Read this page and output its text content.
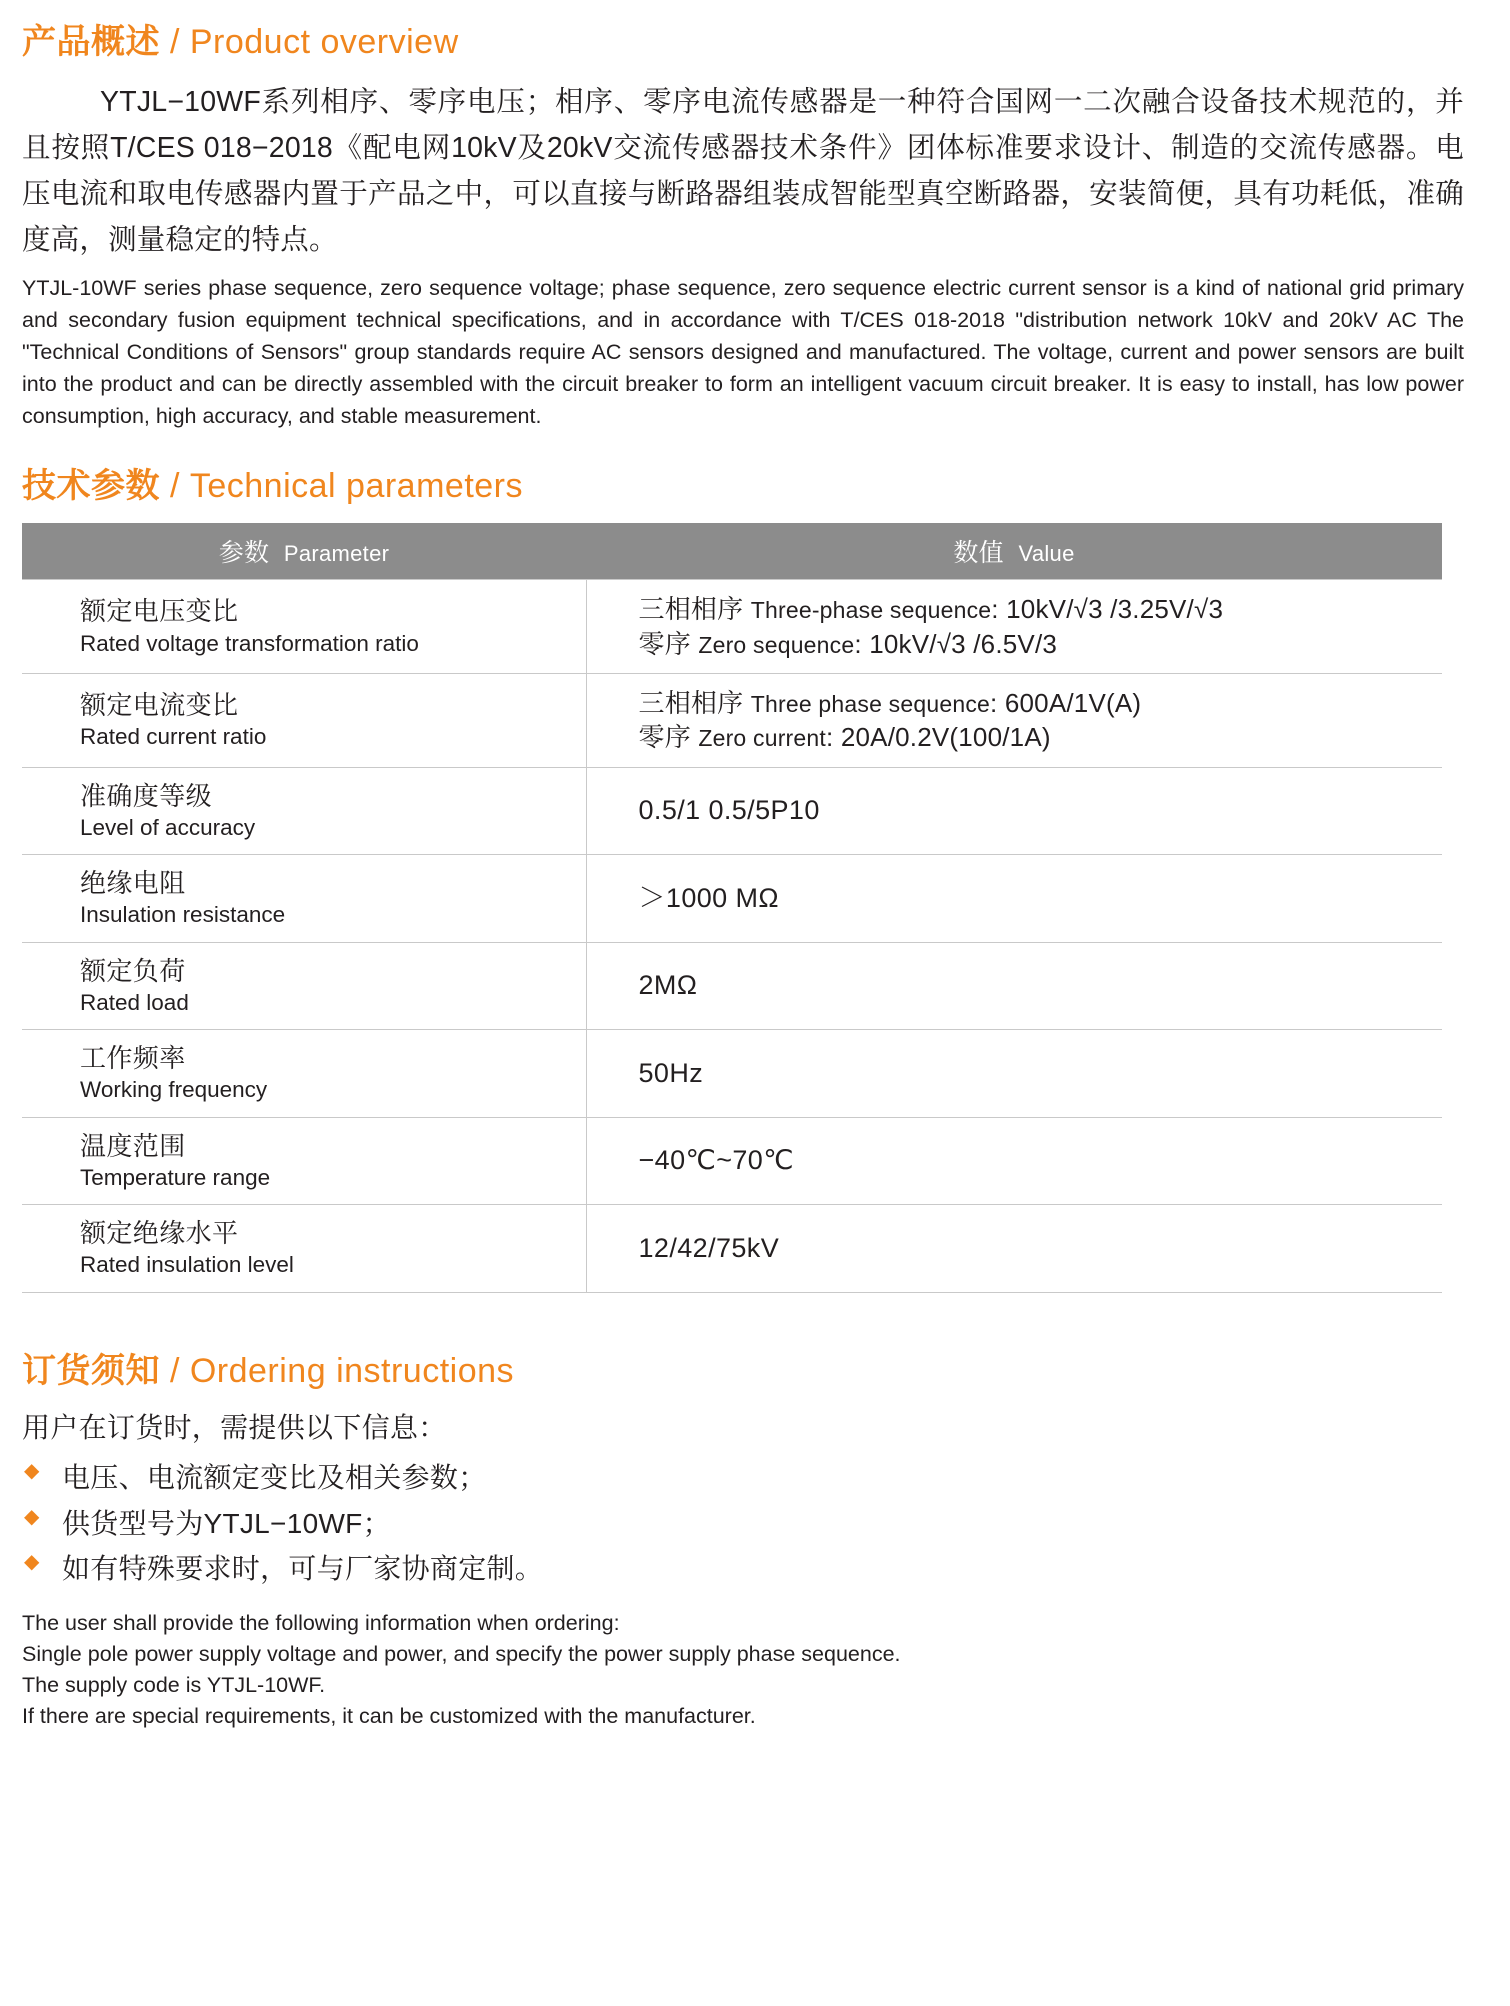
产品概述 / Product overview

YTJL−10WF系列相序、零序电压；相序、零序电流传感器是一种符合国网一二次融合设备技术规范的，并且按照T/CES 018−2018《配电网10kV及20kV交流传感器技术条件》团体标准要求设计、制造的交流传感器。电压电流和取电传感器内置于产品之中，可以直接与断路器组装成智能型真空断路器，安装简便，具有功耗低，准确度高，测量稳定的特点。

YTJL-10WF series phase sequence, zero sequence voltage; phase sequence, zero sequence electric current sensor is a kind of national grid primary and secondary fusion equipment technical specifications, and in accordance with T/CES 018-2018 "distribution network 10kV and 20kV AC The "Technical Conditions of Sensors" group standards require AC sensors designed and manufactured. The voltage, current and power sensors are built into the product and can be directly assembled with the circuit breaker to form an intelligent vacuum circuit breaker. It is easy to install, has low power consumption, high accuracy, and stable measurement.

技术参数 / Technical parameters
参数 Parameter	数值 Value

额定电压变比
Rated voltage transformation ratio	三相相序 Three-phase sequence: 10kV/√3 /3.25V/√3
零序 Zero sequence: 10kV/√3 /6.5V/3

额定电流变比
Rated current ratio	三相相序 Three phase sequence: 600A/1V(A)
零序 Zero current: 20A/0.2V(100/1A)

准确度等级
Level of accuracy	0.5/1 0.5/5P10

绝缘电阻
Insulation resistance	＞1000 MΩ

额定负荷
Rated load	2MΩ

工作频率
Working frequency	50Hz

温度范围
Temperature range	−40℃~70℃

额定绝缘水平
Rated insulation level	12/42/75kV
订货须知 / Ordering instructions

用户在订货时，需提供以下信息：

◆ 电压、电流额定变比及相关参数；
◆ 供货型号为YTJL−10WF；
◆ 如有特殊要求时，可与厂家协商定制。
The user shall provide the following information when ordering:
Single pole power supply voltage and power, and specify the power supply phase sequence.
The supply code is YTJL-10WF.
If there are special requirements, it can be customized with the manufacturer.
